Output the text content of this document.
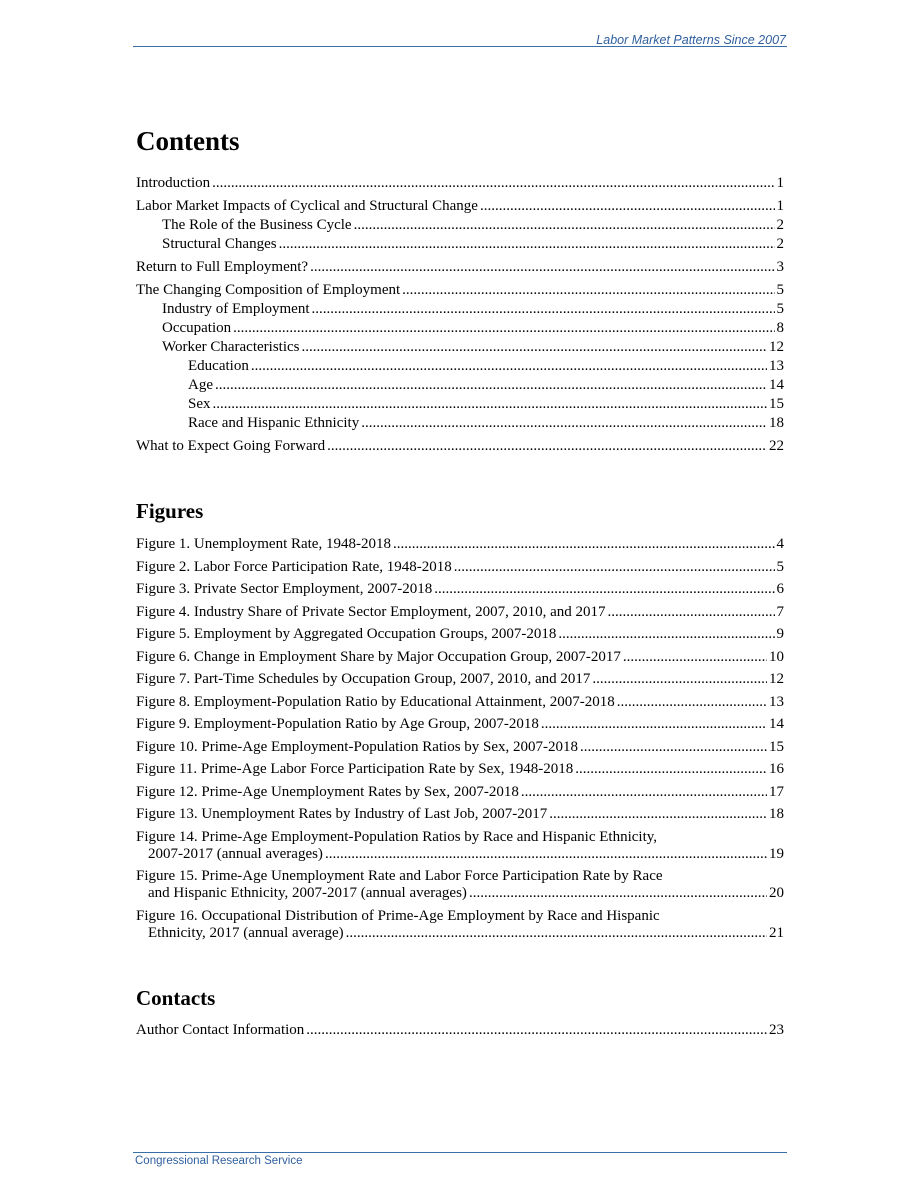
Labor Market Patterns Since 2007
Contents
Introduction .....	1
Labor Market Impacts of Cyclical and Structural Change .....	1
The Role of the Business Cycle .....	2
Structural Changes .....	2
Return to Full Employment? .....	3
The Changing Composition of Employment .....	5
Industry of Employment .....	5
Occupation .....	8
Worker Characteristics .....	12
Education .....	13
Age .....	14
Sex .....	15
Race and Hispanic Ethnicity .....	18
What to Expect Going Forward .....	22
Figures
Figure 1. Unemployment Rate, 1948-2018 .....	4
Figure 2. Labor Force Participation Rate, 1948-2018 .....	5
Figure 3. Private Sector Employment, 2007-2018 .....	6
Figure 4. Industry Share of Private Sector Employment, 2007, 2010, and 2017 .....	7
Figure 5. Employment by Aggregated Occupation Groups, 2007-2018 .....	9
Figure 6. Change in Employment Share by Major Occupation Group, 2007-2017 .....	10
Figure 7. Part-Time Schedules by Occupation Group, 2007, 2010, and 2017 .....	12
Figure 8. Employment-Population Ratio by Educational Attainment, 2007-2018 .....	13
Figure 9. Employment-Population Ratio by Age Group, 2007-2018 .....	14
Figure 10. Prime-Age Employment-Population Ratios by Sex, 2007-2018 .....	15
Figure 11. Prime-Age Labor Force Participation Rate by Sex, 1948-2018 .....	16
Figure 12. Prime-Age Unemployment Rates by Sex, 2007-2018 .....	17
Figure 13. Unemployment Rates by Industry of Last Job, 2007-2017 .....	18
Figure 14. Prime-Age Employment-Population Ratios by Race and Hispanic Ethnicity,
2007-2017 (annual averages) .....	19
Figure 15. Prime-Age Unemployment Rate and Labor Force Participation Rate by Race
and Hispanic Ethnicity, 2007-2017 (annual averages) .....	20
Figure 16. Occupational Distribution of Prime-Age Employment by Race and Hispanic
Ethnicity, 2017 (annual average) .....	21
Contacts
Author Contact Information .....	23
Congressional Research Service
